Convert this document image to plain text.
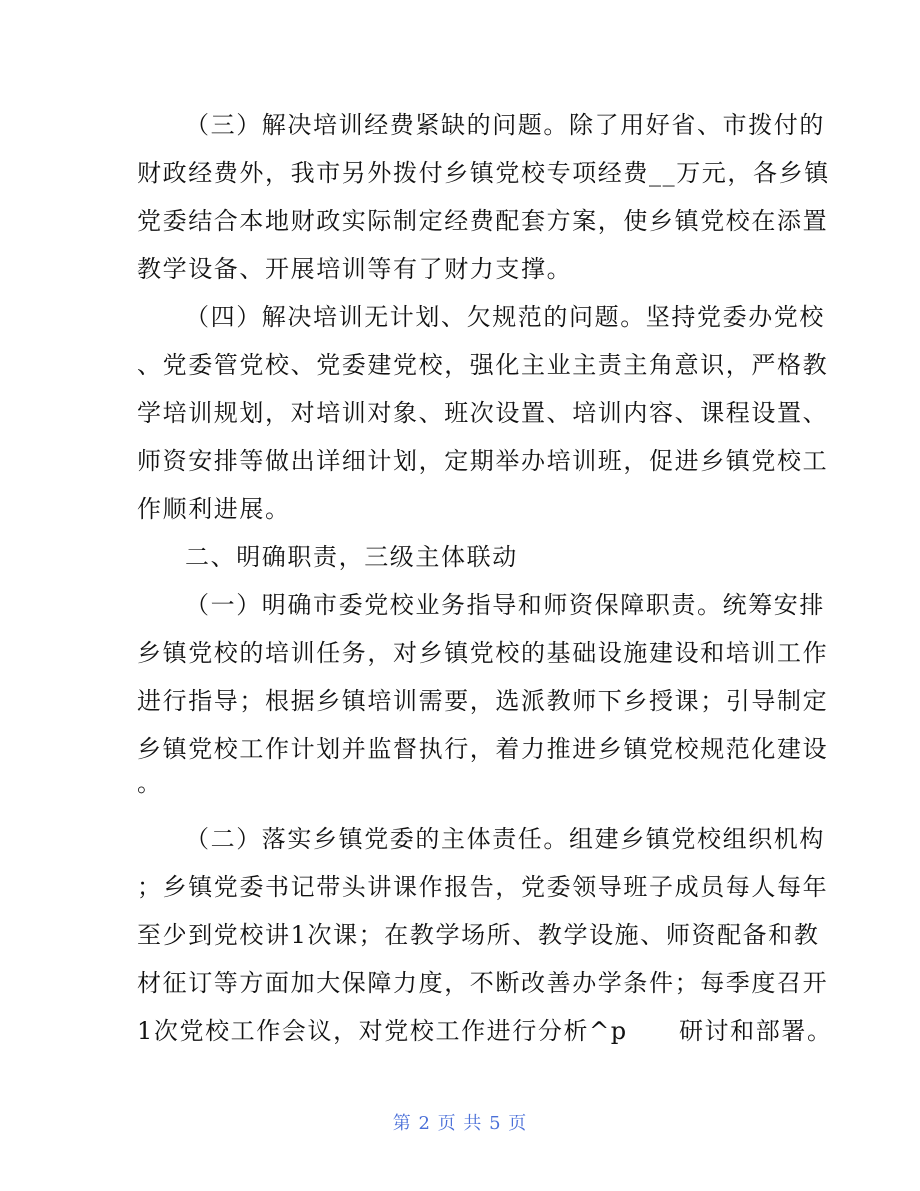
（三）解决培训经费紧缺的问题。除了用好省、市拨付的
财政经费外，我市另外拨付乡镇党校专项经费__万元，各乡镇
党委结合本地财政实际制定经费配套方案，使乡镇党校在添置
教学设备、开展培训等有了财力支撑。
（四）解决培训无计划、欠规范的问题。坚持党委办党校
、党委管党校、党委建党校，强化主业主责主角意识，严格教
学培训规划，对培训对象、班次设置、培训内容、课程设置、
师资安排等做出详细计划，定期举办培训班，促进乡镇党校工
作顺利进展。
二、明确职责，三级主体联动
（一）明确市委党校业务指导和师资保障职责。统筹安排
乡镇党校的培训任务，对乡镇党校的基础设施建设和培训工作
进行指导；根据乡镇培训需要，选派教师下乡授课；引导制定
乡镇党校工作计划并监督执行，着力推进乡镇党校规范化建设
。
（二）落实乡镇党委的主体责任。组建乡镇党校组织机构
；乡镇党委书记带头讲课作报告，党委领导班子成员每人每年
至少到党校讲1次课；在教学场所、教学设施、师资配备和教
材征订等方面加大保障力度，不断改善办学条件；每季度召开
1次党校工作会议，对党校工作进行分析^p　　研讨和部署。
第 2 页 共 5 页
